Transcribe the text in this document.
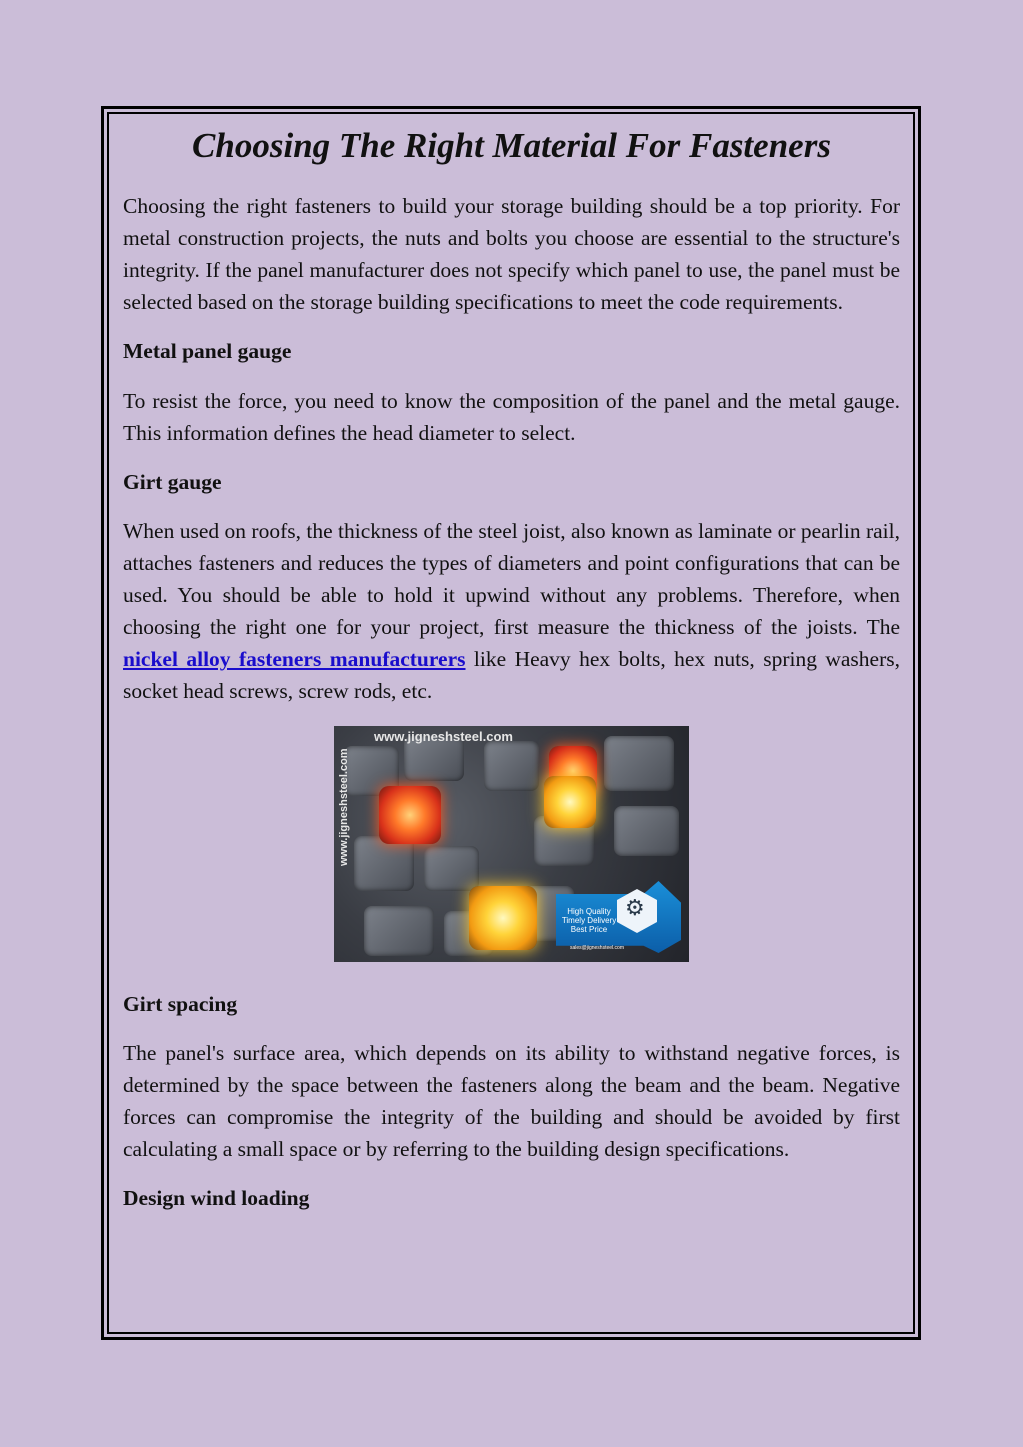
Choosing The Right Material For Fasteners

Choosing the right fasteners to build your storage building should be a top priority. For metal construction projects, the nuts and bolts you choose are essential to the structure's integrity. If the panel manufacturer does not specify which panel to use, the panel must be selected based on the storage building specifications to meet the code requirements.

Metal panel gauge

To resist the force, you need to know the composition of the panel and the metal gauge. This information defines the head diameter to select.

Girt gauge

When used on roofs, the thickness of the steel joist, also known as laminate or pearlin rail, attaches fasteners and reduces the types of diameters and point configurations that can be used. You should be able to hold it upwind without any problems. Therefore, when choosing the right one for your project, first measure the thickness of the joists. The nickel alloy fasteners manufacturers like Heavy hex bolts, hex nuts, spring washers, socket head screws, screw rods, etc.

www.jigneshsteel.com
www.jigneshsteel.com
⚙
High Quality
Timely Delivery
Best Price
sales@jigneshsteel.com
Girt spacing

The panel's surface area, which depends on its ability to withstand negative forces, is determined by the space between the fasteners along the beam and the beam. Negative forces can compromise the integrity of the building and should be avoided by first calculating a small space or by referring to the building design specifications.

Design wind loading
